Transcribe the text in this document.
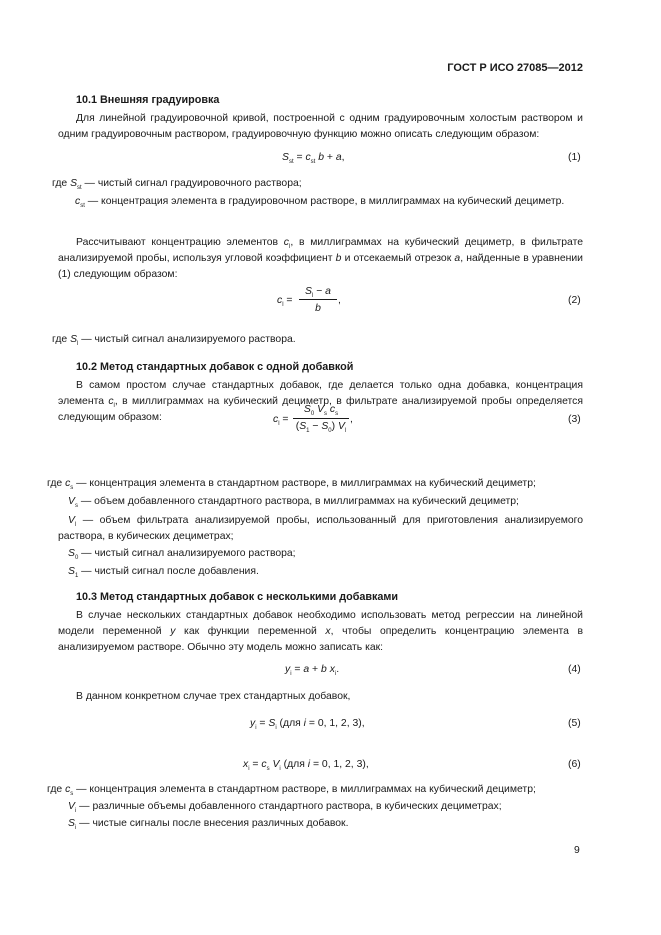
ГОСТ Р ИСО 27085—2012
10.1 Внешняя градуировка
Для линейной градуировочной кривой, построенной с одним градуировочным холостым раствором и одним градуировочным раствором, градуировочную функцию можно описать следующим образом:
$S_{st} = c_{st}$ b + a,	(1)
где $S_{st}$ — чистый сигнал градуировочного раствора;
$c_{st}$ — концентрация элемента в градуировочном растворе, в миллиграммах на кубический дециметр.
Рассчитывают концентрацию элементов $c_l$, в миллиграммах на кубический дециметр, в фильтрате анализируемой пробы, используя угловой коэффициент b и отсекаемый отрезок a, найденные в уравнении (1) следующим образом:
$c_l$ =
$S_l - a$
b
,	(2)
где $S_l$ — чистый сигнал анализируемого раствора.
10.2 Метод стандартных добавок с одной добавкой
В самом простом случае стандартных добавок, где делается только одна добавка, концентрация элемента $c_l$, в миллиграммах на кубический дециметр, в фильтрате анализируемой пробы определяется следующим образом:	$c_l$ =
$S_0$ $V_s$ $c_s$
$(S_1 - S_0)$ $V_l$
,	(3)
где $c_s$ — концентрация элемента в стандартном растворе, в миллиграммах на кубический дециметр;
$V_s$ — объем добавленного стандартного раствора, в миллиграммах на кубический дециметр;
$V_l$ — объем фильтрата анализируемой пробы, использованный для приготовления анализируемого раствора, в кубических дециметрах;
$S_0$ — чистый сигнал анализируемого раствора;
$S_1$ — чистый сигнал после добавления.
10.3 Метод стандартных добавок с несколькими добавками
В случае нескольких стандартных добавок необходимо использовать метод регрессии на линейной модели переменной y как функции переменной x, чтобы определить концентрацию элемента в анализируемом растворе. Обычно эту модель можно записать как:
$y_i = a + b$ $x_i$.	(4)
В данном конкретном случае трех стандартных добавок,
$y_i = S_i$ (для i = 0, 1, 2, 3),	(5)
$x_i = c_s$ $V_i$ (для i = 0, 1, 2, 3),	(6)
где $c_s$ — концентрация элемента в стандартном растворе, в миллиграммах на кубический дециметр;
$V_i$ — различные объемы добавленного стандартного раствора, в кубических дециметрах;
$S_i$ — чистые сигналы после внесения различных добавок.
9
